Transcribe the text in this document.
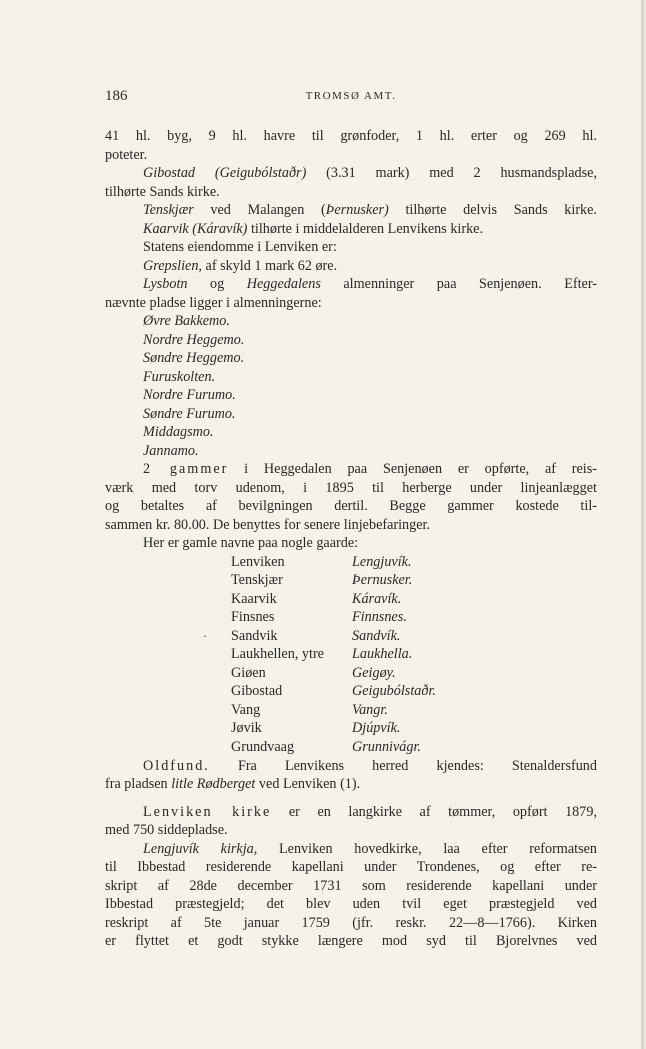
186	TROMSØ AMT.
41 hl. byg, 9 hl. havre til grønfoder, 1 hl. erter og 269 hl.
poteter.
Gibostad (Geigubólstaðr) (3.31 mark) med 2 husmandspladse,
tilhørte Sands kirke.
Tenskjær ved Malangen (Þernusker) tilhørte delvis Sands kirke.
Kaarvik (Káravík) tilhørte i middelalderen Lenvikens kirke.
Statens eiendomme i Lenviken er:
Grepslien, af skyld 1 mark 62 øre.
Lysbotn og Heggedalens almenninger paa Senjenøen. Efter-
nævnte pladse ligger i almenningerne:
Øvre Bakkemo.
Nordre Heggemo.
Søndre Heggemo.
Furuskolten.
Nordre Furumo.
Søndre Furumo.
Middagsmo.
Jannamo.
2 gammer i Heggedalen paa Senjenøen er opførte, af reis-
værk med torv udenom, i 1895 til herberge under linjeanlægget
og betaltes af bevilgningen dertil. Begge gammer kostede til-
sammen kr. 80.00. De benyttes for senere linjebefaringer.
Her er gamle navne paa nogle gaarde:
Lenviken	Lengjuvík.
Tenskjær	Þernusker.
Kaarvik	Káravík.
Finsnes	Finnsnes.
· Sandvik	Sandvík.
Laukhellen, ytre Laukhella.
Giøen	Geigøy.
Gibostad	Geigubólstaðr.
Vang	Vangr.
Jøvik	Djúpvík.
Grundvaag	Grunnivágr.
Oldfund. Fra Lenvikens herred kjendes: Stenaldersfund
fra pladsen litle Rødberget ved Lenviken (1).
Lenviken kirke er en langkirke af tømmer, opført 1879,
med 750 siddepladse.
Lengjuvík kirkja, Lenviken hovedkirke, laa efter reformatsen
til Ibbestad residerende kapellani under Trondenes, og efter re-
skript af 28de december 1731 som residerende kapellani under
Ibbestad præstegjeld; det blev uden tvil eget præstegjeld ved
reskript af 5te januar 1759 (jfr. reskr. 22—8—1766). Kirken
er flyttet et godt stykke længere mod syd til Bjorelvnes ved
